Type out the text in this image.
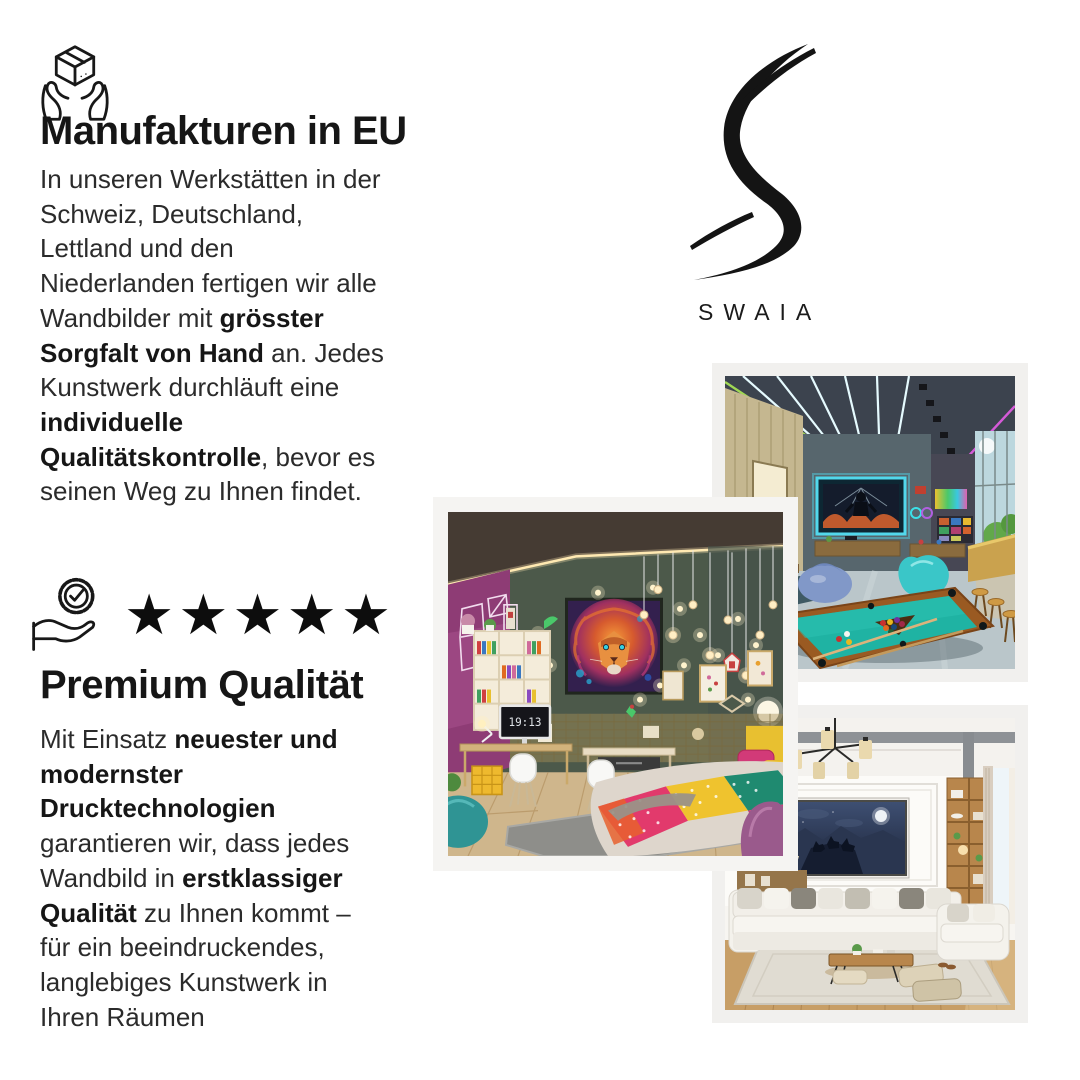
Manufakturen in EU
In unseren Werkstätten in der
Schweiz, Deutschland,
Lettland und den
Niederlanden fertigen wir alle
Wandbilder mit grösster
Sorgfalt von Hand an. Jedes
Kunstwerk durchläuft eine
individuelle
Qualitätskontrolle, bevor es
seinen Weg zu Ihnen findet.
★★★★★
Premium Qualität
Mit Einsatz neuester und
modernster
Drucktechnologien
garantieren wir, dass jedes
Wandbild in erstklassiger
Qualität zu Ihnen kommt –
für ein beeindruckendes,
langlebiges Kunstwerk in
Ihren Räumen
SWAIA
19:13
